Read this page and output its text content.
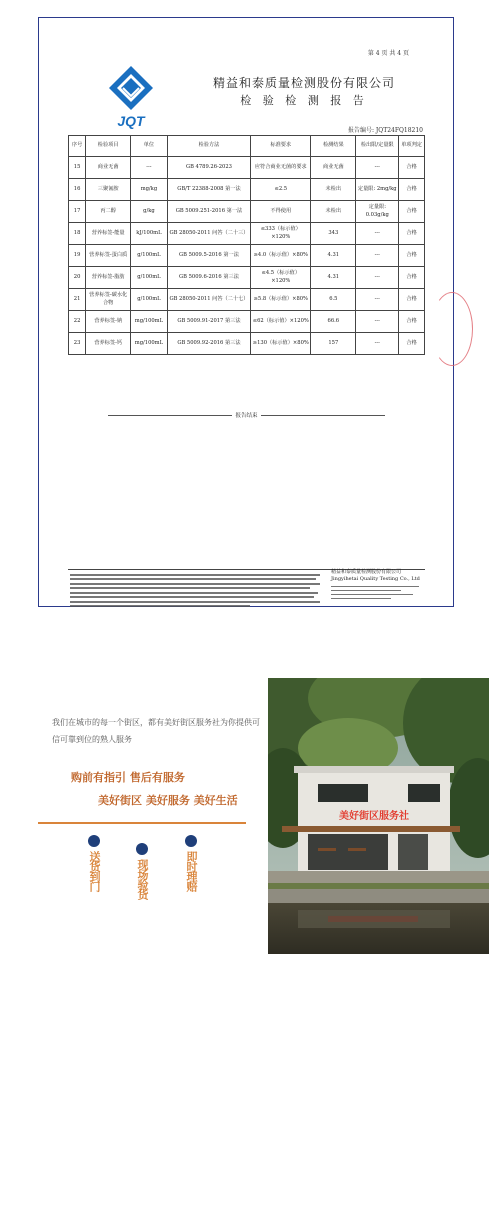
第 4 页 共 4 页
JQT
精益和泰质量检测股份有限公司
检 验 检 测 报 告
报告编号: JQT24FQ18210
序号	检验项目	单位	检验方法	标准要求	检测结果	检出限/定量限	单项判定
15	商业无菌	---	GB 4789.26-2023	应符合商业无菌的要求	商业无菌	---	合格
16	三聚氰胺	mg/kg	GB/T 22388-2008 第一法	≤2.5	未检出	定量限: 2mg/kg	合格
17	丙二醇	g/kg	GB 5009.251-2016 第一法	不得使用	未检出	定量限: 0.03g/kg	合格
18	营养标签-能量	kJ/100mL	GB 28050-2011 问答（二十三）	≤333（标示值）×120%	343	---	合格
19	营养标签-蛋白质	g/100mL	GB 5009.5-2016 第一法	≥4.0（标示值）×80%	4.31	---	合格
20	营养标签-脂肪	g/100mL	GB 5009.6-2016 第三法	≤4.5（标示值）×120%	4.31	---	合格
21	营养标签-碳水化合物	g/100mL	GB 28050-2011 问答（二十七）	≥5.8（标示值）×80%	6.5	---	合格
22	营养标签-钠	mg/100mL	GB 5009.91-2017 第三法	≤62（标示值）×120%	66.6	---	合格
23	营养标签-钙	mg/100mL	GB 5009.92-2016 第三法	≥130（标示值）×80%	157	---	合格
报告结束
精益和泰质量检测股份有限公司
Jingyihetai Quality Testing Co., Ltd
我们在城市的每一个街区，都有美好街区服务社为你提供可信可靠到位的熟人服务
购前有指引 售后有服务
美好街区 美好服务 美好生活
送货到门	现场验货	即时理赔
美好街区服务社
